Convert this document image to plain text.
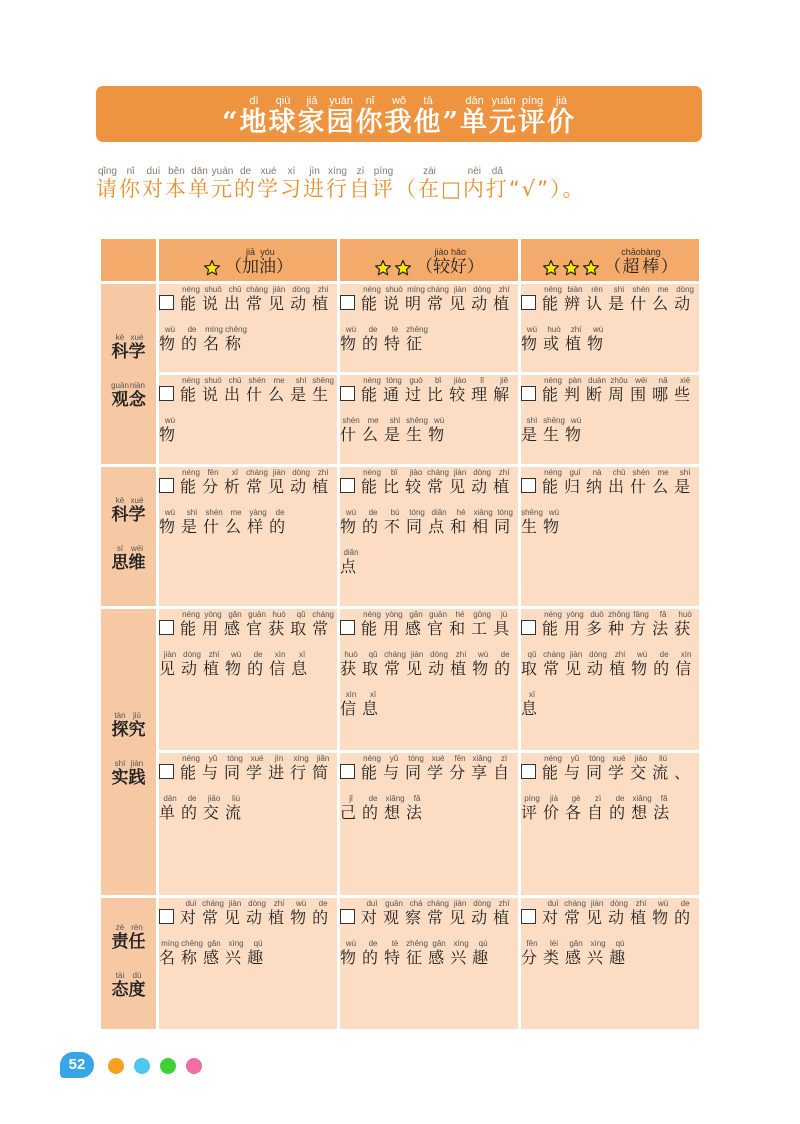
“ 地dì球qiú家jiā园yuán你nǐ我wǒ他tā” 单dān元yuán评píng价jià
请qǐng你nǐ对duì本běn单dān元yuán的de学xué习xí进jìn行xíng自zì评píng（ 在zài□ 内nèi打dǎ“√” ）。

	（ 加jiā油yóu）	（ 较jiào好hǎo）	（ 超chāo棒bàng）

科kē学xué
观guān念niàn	能néng说shuō出chū常cháng见jiàn动dòng植zhí物wù的de名míng称chēng	能néng说shuō明míng常cháng见jiàn动dòng植zhí物wù的de特tè征zhēng	能néng辨biàn认rèn是shì什shén么me动dòng物wù或huò植zhí物wù

	能néng说shuō出chū什shén么me是shì生shēng物wù	能néng通tōng过guò比bǐ较jiào理lǐ解jiě什shén么me是shì生shēng物wù	能néng判pàn断duàn周zhōu围wéi哪nǎ些xiē是shì生shēng物wù

科kē学xué
思sī维wéi	能néng分fēn析xī常cháng见jiàn动dòng植zhí物wù是shì什shén么me样yàng的de	能néng比bǐ较jiào常cháng见jiàn动dòng植zhí物wù的de不bù同tóng点diǎn和hé相xiāng同tóng点diǎn	能néng归guī纳nà出chū什shén么me是shì生shēng物wù

探tàn究jiū
实shí践jiàn	能néng用yòng感gǎn官guān获huò取qǔ常cháng见jiàn动dòng植zhí物wù的de信xìn息xī	能néng用yòng感gǎn官guān和hé工gōng具jù获huò取qǔ常cháng见jiàn动dòng植zhí物wù的de信xìn息xī	能néng用yòng多duō种zhǒng方fāng法fǎ获huò取qǔ常cháng见jiàn动dòng植zhí物wù的de信xìn息xī

	能néng与yǔ同tóng学xué进jìn行xíng简jiǎn单dān的de交jiāo流liú	能néng与yǔ同tóng学xué分fēn享xiǎng自zì己jǐ的de想xiǎng法fǎ	能néng与yǔ同tóng学xué交jiāo流liú、 评píng价jià各gè自zì的de想xiǎng法fǎ

责zé任rèn
态tài度dù	对duì常cháng见jiàn动dòng植zhí物wù的de名míng称chēng感gǎn兴xìng趣qù	对duì观guān察chá常cháng见jiàn动dòng植zhí物wù的de特tè征zhēng感gǎn兴xìng趣qù	对duì常cháng见jiàn动dòng植zhí物wù的de分fēn类lèi感gǎn兴xìng趣qù
52
